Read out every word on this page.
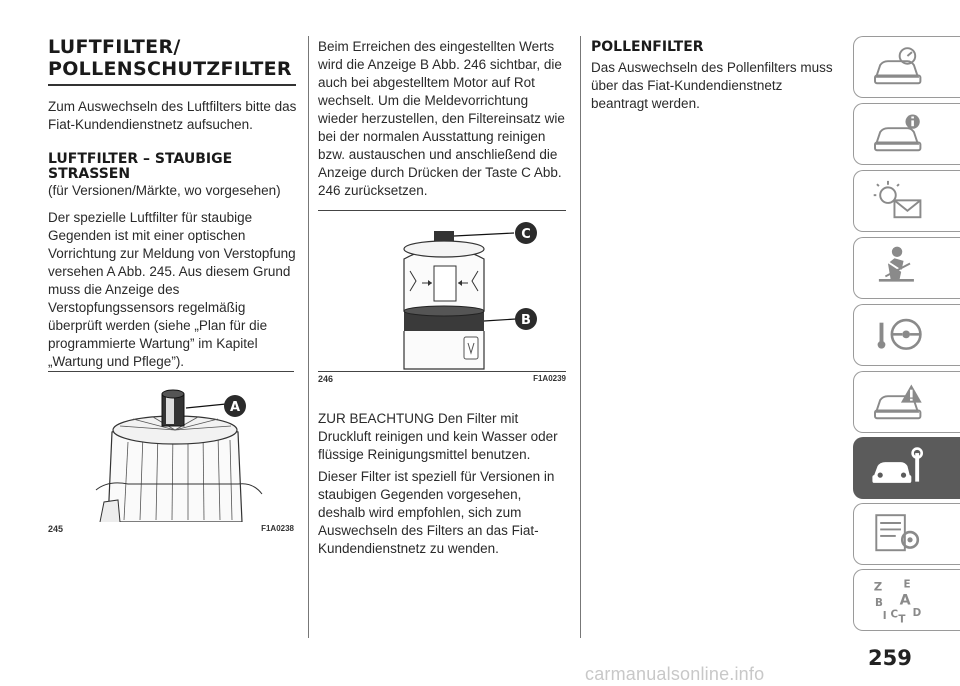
LUFTFILTER/
POLLENSCHUTZFILTER

Zum Auswechseln des Luftfilters bitte das Fiat-Kundendienstnetz aufsuchen.

LUFTFILTER – STAUBIGE
STRASSEN

(für Versionen/Märkte, wo vorgesehen)

Der spezielle Luftfilter für staubige Gegenden ist mit einer optischen Vorrichtung zur Meldung von Verstopfung versehen A Abb. 245. Aus diesem Grund muss die Anzeige des Verstopfungssensors regelmäßig überprüft werden (siehe „Plan für die programmierte Wartung” im Kapitel „Wartung und Pflege”).

A
245	F1A0238

Beim Erreichen des eingestellten Werts wird die Anzeige B Abb. 246 sichtbar, die auch bei abgestelltem Motor auf Rot wechselt. Um die Meldevorrichtung wieder herzustellen, den Filtereinsatz wie bei der normalen Ausstattung reinigen bzw. austauschen und anschließend die Anzeige durch Drücken der Taste C Abb. 246 zurücksetzen.

C
B
246	F1A0239

ZUR BEACHTUNG Den Filter mit Druckluft reinigen und kein Wasser oder flüssige Reinigungsmittel benutzen.

Dieser Filter ist speziell für Versionen in staubigen Gegenden vorgesehen, deshalb wird empfohlen, sich zum Auswechseln des Filters an das Fiat-Kundendienstnetz zu wenden.

POLLENFILTER

Das Auswechseln des Pollenfilters muss über das Fiat-Kundendienstnetz beantragt werden.

Z E
B A
I C D
T
259
carmanualsonline.info
